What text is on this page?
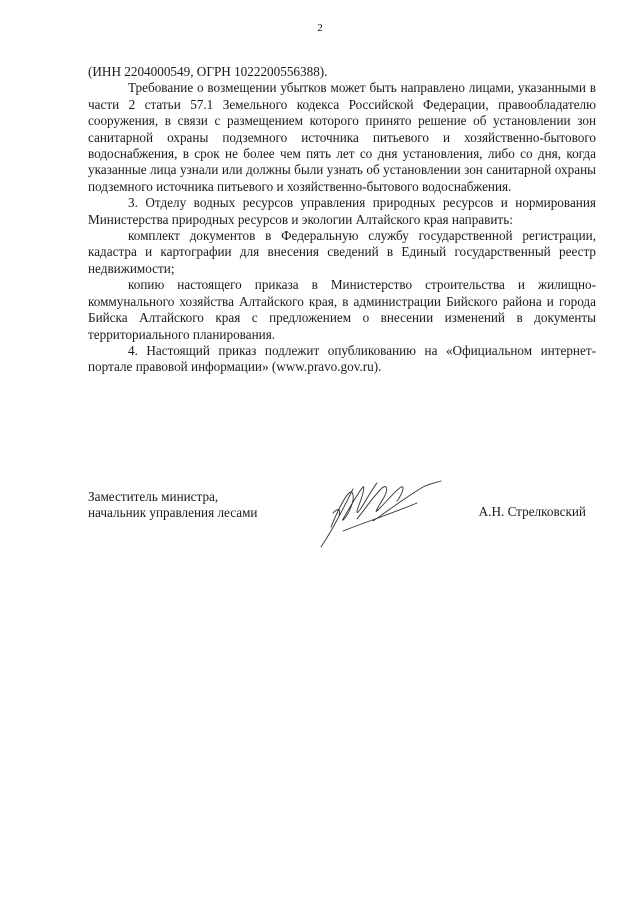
2

(ИНН 2204000549, ОГРН 1022200556388).

Требование о возмещении убытков может быть направлено лицами, указанными в части 2 статьи 57.1 Земельного кодекса Российской Федерации, правообладателю сооружения, в связи с размещением которого принято решение об установлении зон санитарной охраны подземного источника питьевого и хозяйственно-бытового водоснабжения, в срок не более чем пять лет со дня установления, либо со дня, когда указанные лица узнали или должны были узнать об установлении зон санитарной охраны подземного источника питьевого и хозяйственно-бытового водоснабжения.

3. Отделу водных ресурсов управления природных ресурсов и нормирования Министерства природных ресурсов и экологии Алтайского края направить:

комплект документов в Федеральную службу государственной регистрации, кадастра и картографии для внесения сведений в Единый государственный реестр недвижимости;

копию настоящего приказа в Министерство строительства и жилищно-коммунального хозяйства Алтайского края, в администрации Бийского района и города Бийска Алтайского края с предложением о внесении изменений в документы территориального планирования.

4. Настоящий приказ подлежит опубликованию на «Официальном интернет-портале правовой информации» (www.pravo.gov.ru).

Заместитель министра,
начальник управления лесами	А.Н. Стрелковский
